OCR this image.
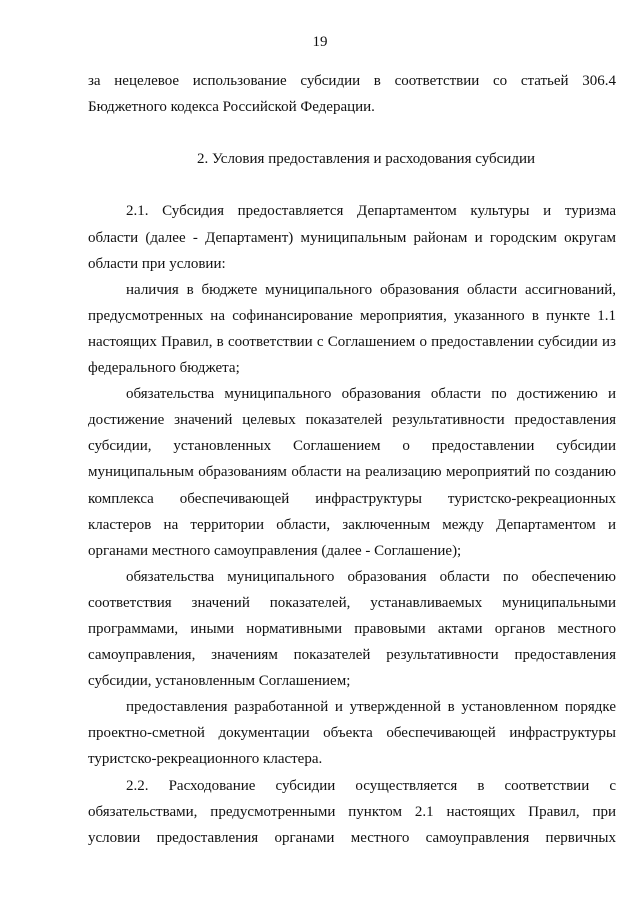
19
за нецелевое использование субсидии в соответствии со статьей 306.4
Бюджетного кодекса Российской Федерации.
2. Условия предоставления и расходования субсидии
2.1. Субсидия предоставляется Департаментом культуры и туризма
области (далее - Департамент) муниципальным районам и городским округам
области при условии:
наличия в бюджете муниципального образования области ассигнований,
предусмотренных на софинансирование мероприятия, указанного в пункте 1.1
настоящих Правил, в соответствии с Соглашением о предоставлении субсидии из
федерального бюджета;
обязательства муниципального образования области по достижению и
достижение значений целевых показателей результативности предоставления
субсидии, установленных Соглашением о предоставлении субсидии
муниципальным образованиям области на реализацию мероприятий по созданию
комплекса обеспечивающей инфраструктуры туристско-рекреационных
кластеров на территории области, заключенным между Департаментом и
органами местного самоуправления (далее - Соглашение);
обязательства муниципального образования области по обеспечению
соответствия значений показателей, устанавливаемых муниципальными
программами, иными нормативными правовыми актами органов местного
самоуправления, значениям показателей результативности предоставления
субсидии, установленным Соглашением;
предоставления разработанной и утвержденной в установленном порядке
проектно-сметной документации объекта обеспечивающей инфраструктуры
туристско-рекреационного кластера.
2.2. Расходование субсидии осуществляется в соответствии с
обязательствами, предусмотренными пунктом 2.1 настоящих Правил, при
условии предоставления органами местного самоуправления первичных
